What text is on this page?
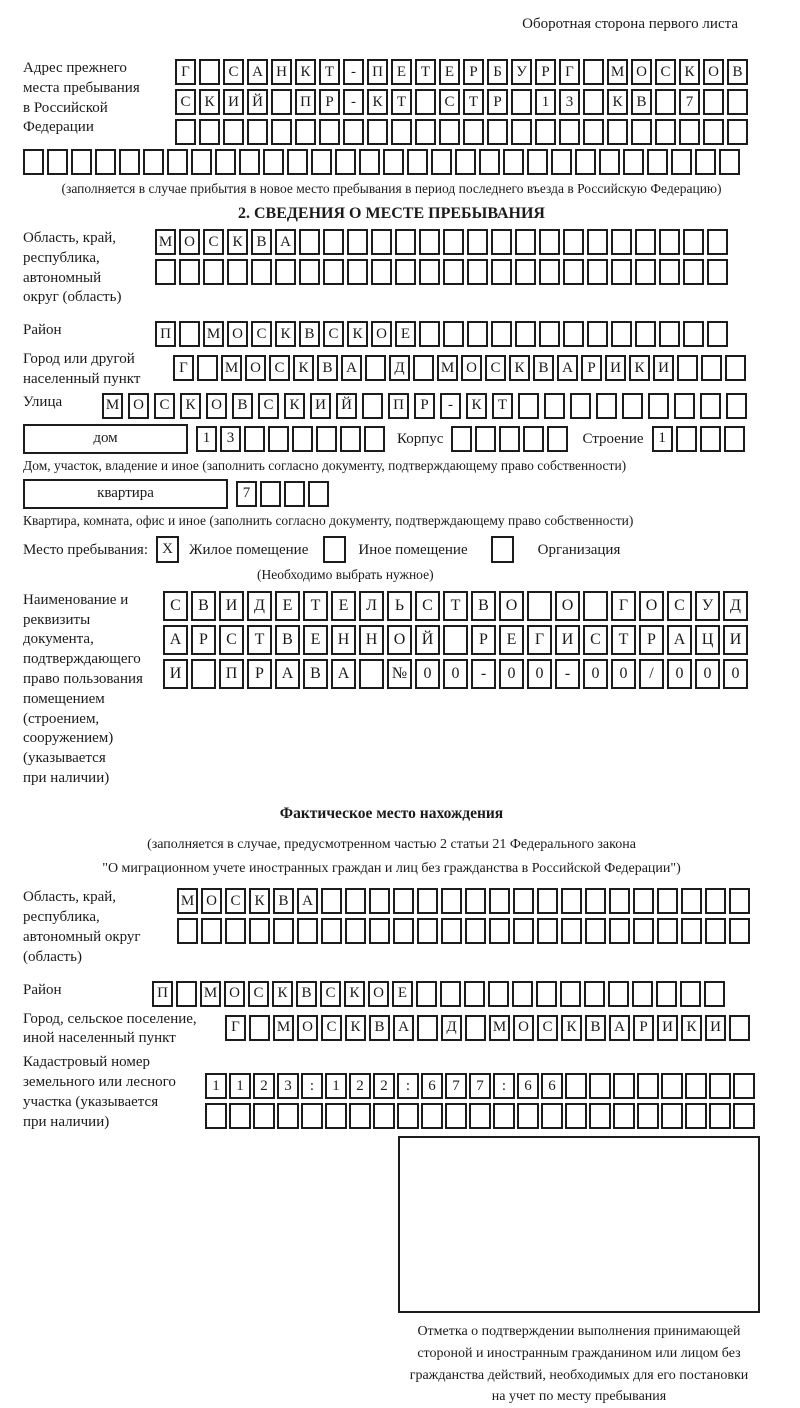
Оборотная сторона первого листа
Адрес прежнего
места пребывания
в Российской
Федерации
Г	С А Н К Т	-	П Е Т Е	Р	Б У Р	Г	М О С К О В
С К И Й	П Р	-	К Т	С Т	Р	1	3	К В	7
(заполняется в случае прибытия в новое место пребывания в период последнего въезда в Российскую Федерацию)
2. СВЕДЕНИЯ О МЕСТЕ ПРЕБЫВАНИЯ
Область, край,
республика,
автономный
округ (область)
М О С К В А
Район	П	М О С К В С К О Е
Город или другой
населенный пункт
Г	М О С К В А	Д	М О С К В А Р И К И
Улица	М О	С	К	О	В	С	К	И	Й	П	Р	-	К	Т
дом	1	3	Корпус	Строение 1
Дом, участок, владение и иное (заполнить согласно документу, подтверждающему право собственности)
квартира	7
Квартира, комната, офис и иное (заполнить согласно документу, подтверждающему право собственности)
Место пребывания: X	Жилое помещение	Иное помещение	Организация
(Необходимо выбрать нужное)
Наименование и реквизиты
документа, подтверждающего
право пользования
помещением (строением,
сооружением) (указывается
при наличии)
С	В	И	Д	Е	Т	Е	Л	Ь	С	Т	В	О	О	Г	О	С	У	Д
А	Р	С	Т	В	Е	Н	Н	О	Й	Р	Е	Г	И	С	Т	Р	А	Ц	И
И	П	Р	А	В	А	№	0	0	-	0	0	-	0	0	/	0	0	0
Фактическое место нахождения
(заполняется в случае, предусмотренном частью 2 статьи 21 Федерального закона
"О миграционном учете иностранных граждан и лиц без гражданства в Российской Федерации")
Область, край,
республика,
автономный округ
(область)
М О С К В А
Район	П	М О С К В С К О Е
Город, сельское поселение,
иной населенный пункт
Г	М О С К В А	Д	М О С К В А Р И К И
Кадастровый номер
земельного или лесного
участка (указывается
при наличии)
1	1	2	3	:	1	2	2	:	6	7	7	:	6	6
Отметка о подтверждении выполнения принимающей
стороной и иностранным гражданином или лицом без
гражданства действий, необходимых для его постановки
на учет по месту пребывания
